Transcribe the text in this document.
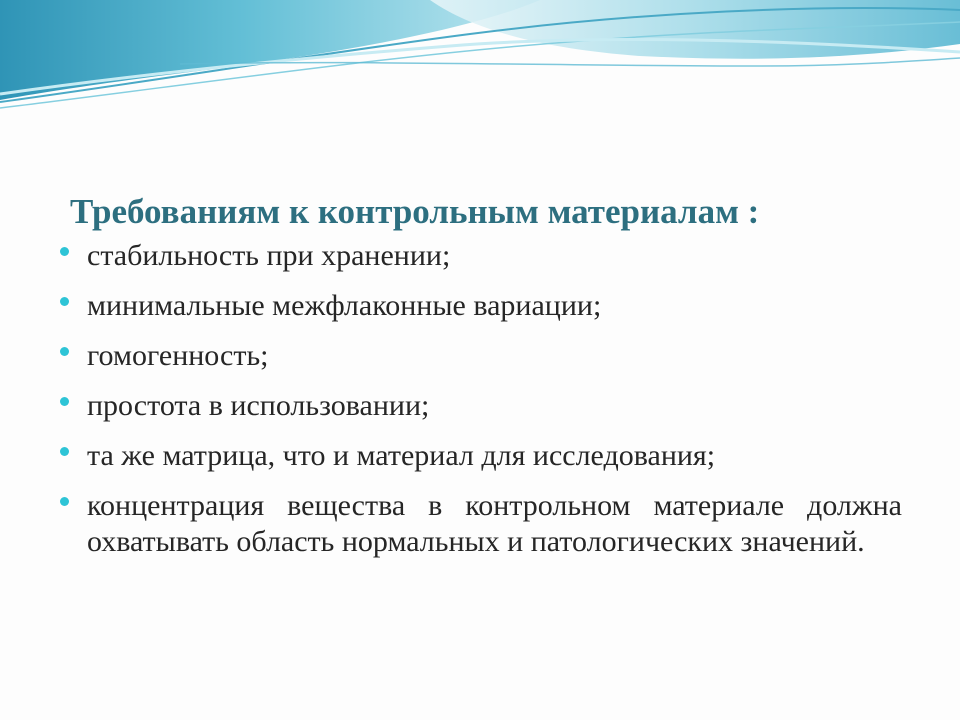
Требованиям к контрольным материалам :
стабильность при хранении;
минимальные межфлаконные вариации;
гомогенность;
простота в использовании;
та же матрица, что и материал для исследования;
концентрация вещества в контрольном материале должна охватывать область нормальных и патологических значений.
